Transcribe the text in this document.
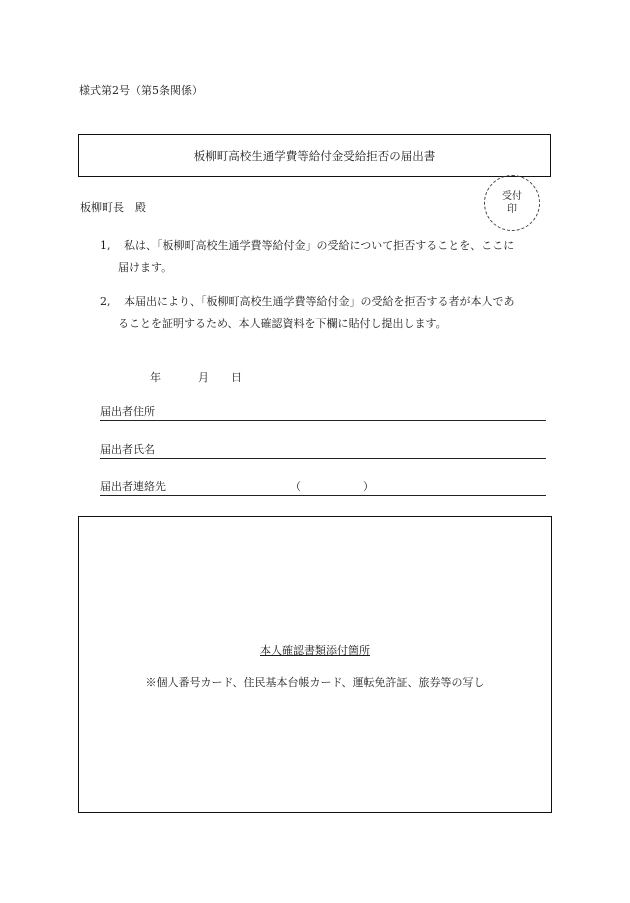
様式第2号（第5条関係）
板柳町高校生通学費等給付金受給拒否の届出書
板柳町長　殿
受付
印
1, 私は、「板柳町高校生通学費等給付金」の受給について拒否することを、ここに
届けます。
2, 本届出により、「板柳町高校生通学費等給付金」の受給を拒否する者が本人であ
ることを証明するため、本人確認資料を下欄に貼付し提出します。
年	月 日
届出者住所
届出者氏名
届出者連絡先	（	）
本人確認書類添付箇所
※個人番号カード、住民基本台帳カード、運転免許証、旅券等の写し
